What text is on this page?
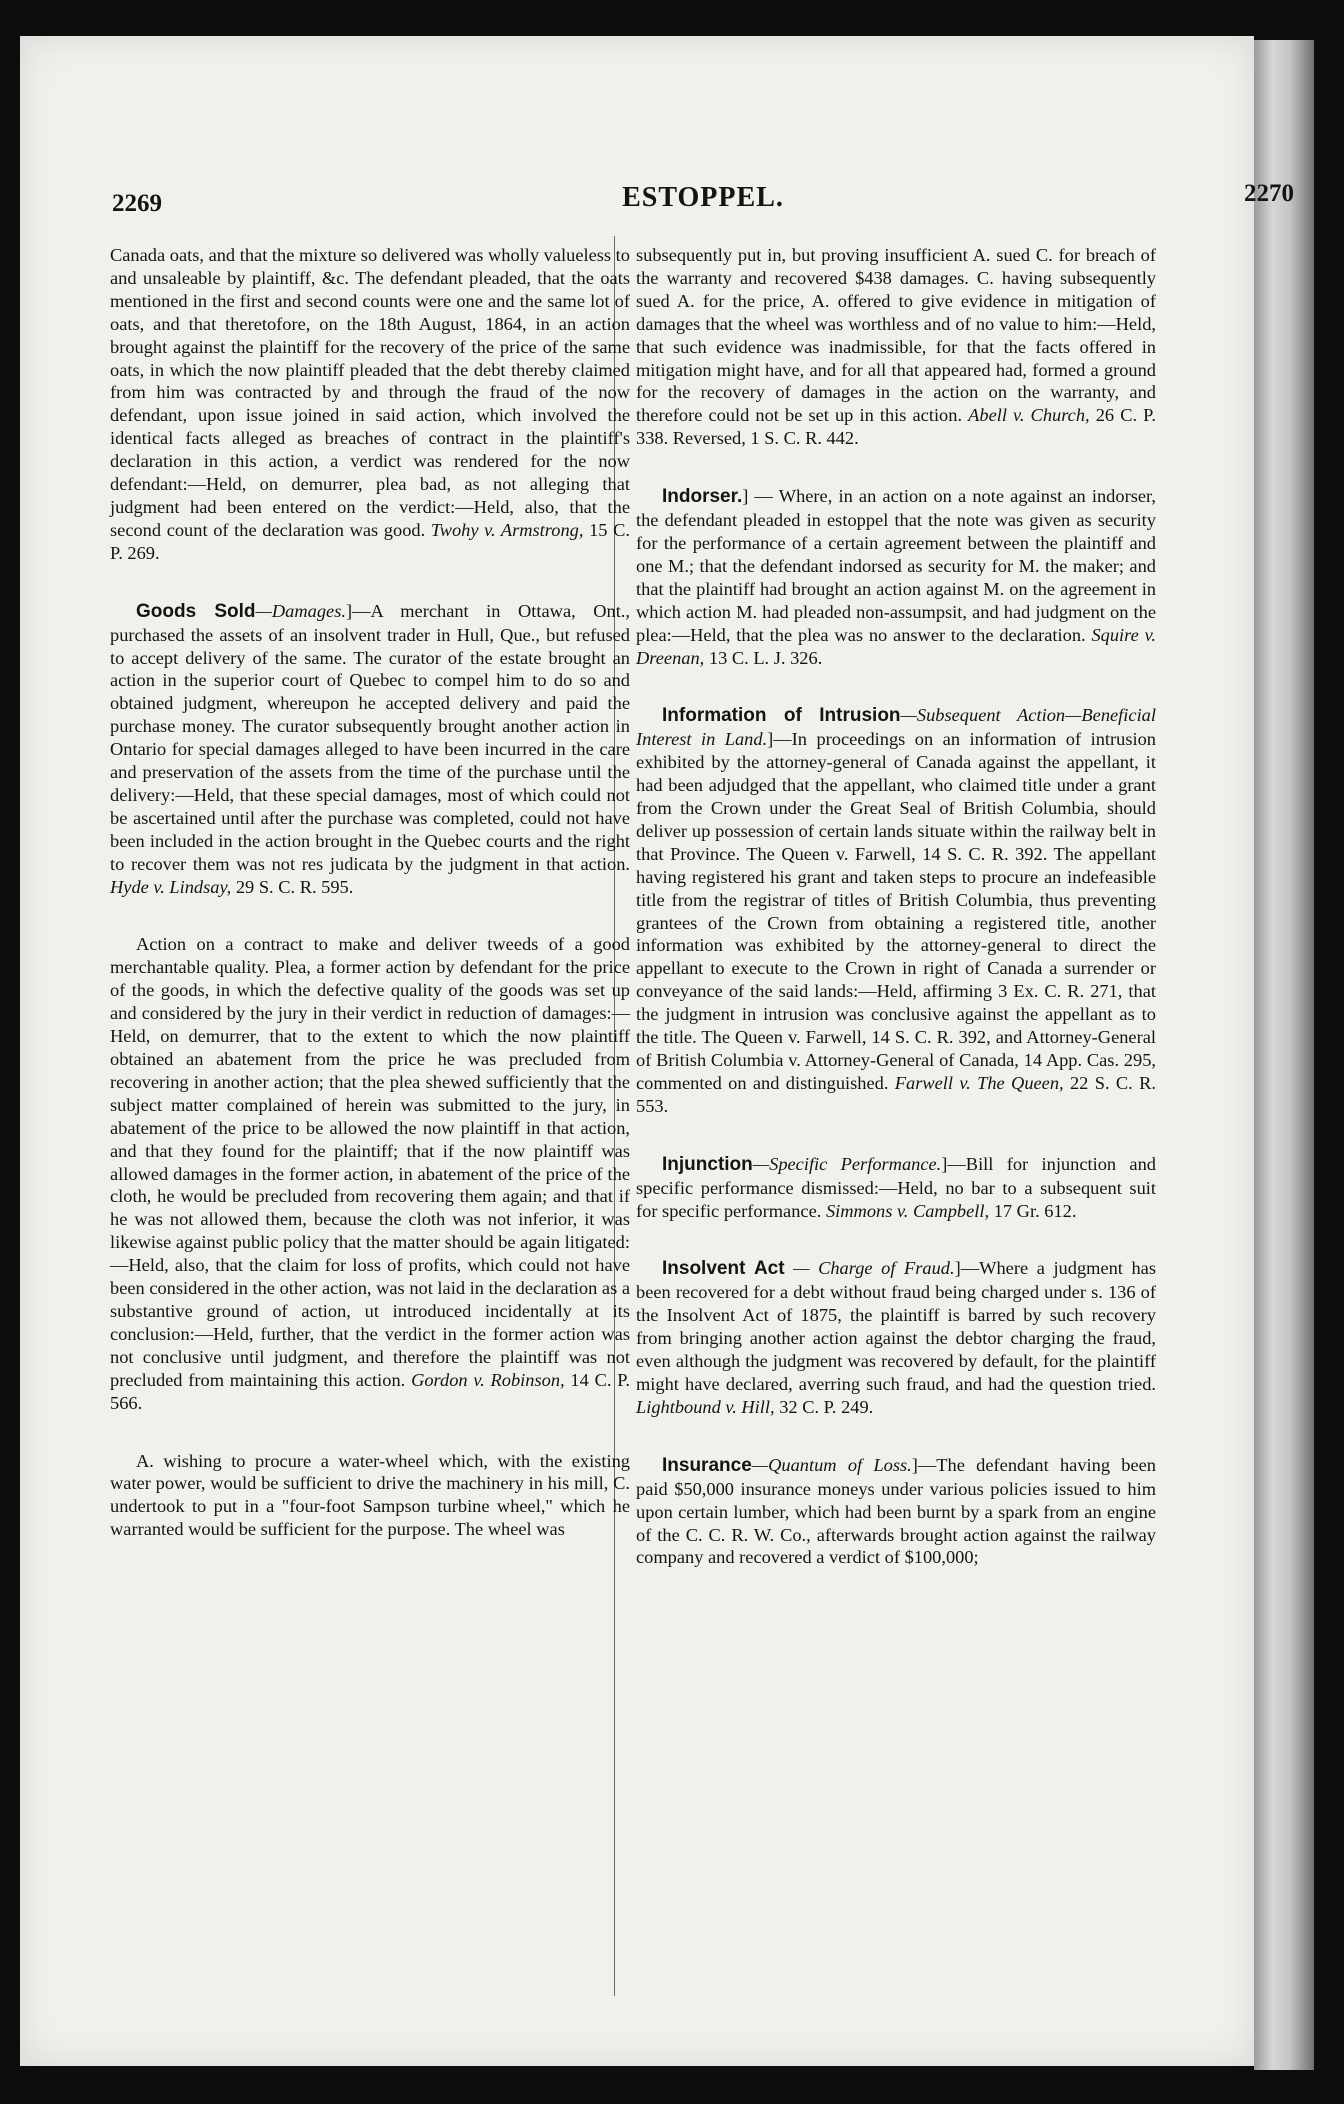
2269	ESTOPPEL.	2270

Canada oats, and that the mixture so delivered was wholly valueless to and unsaleable by plaintiff, &c. The defendant pleaded, that the oats mentioned in the first and second counts were one and the same lot of oats, and that theretofore, on the 18th August, 1864, in an action brought against the plaintiff for the recovery of the price of the same oats, in which the now plaintiff pleaded that the debt thereby claimed from him was contracted by and through the fraud of the now defendant, upon issue joined in said action, which involved the identical facts alleged as breaches of contract in the plaintiff's declaration in this action, a verdict was rendered for the now defendant:—Held, on demurrer, plea bad, as not alleging that judgment had been entered on the verdict:—Held, also, that the second count of the declaration was good. Twohy v. Armstrong, 15 C. P. 269.

Goods Sold—Damages.]—A merchant in Ottawa, Ont., purchased the assets of an insolvent trader in Hull, Que., but refused to accept delivery of the same. The curator of the estate brought an action in the superior court of Quebec to compel him to do so and obtained judgment, whereupon he accepted delivery and paid the purchase money. The curator subsequently brought another action in Ontario for special damages alleged to have been incurred in the care and preservation of the assets from the time of the purchase until the delivery:—Held, that these special damages, most of which could not be ascertained until after the purchase was completed, could not have been included in the action brought in the Quebec courts and the right to recover them was not res judicata by the judgment in that action. Hyde v. Lindsay, 29 S. C. R. 595.

Action on a contract to make and deliver tweeds of a good merchantable quality. Plea, a former action by defendant for the price of the goods, in which the defective quality of the goods was set up and considered by the jury in their verdict in reduction of damages:—Held, on demurrer, that to the extent to which the now plaintiff obtained an abatement from the price he was precluded from recovering in another action; that the plea shewed sufficiently that the subject matter complained of herein was submitted to the jury, in abatement of the price to be allowed the now plaintiff in that action, and that they found for the plaintiff; that if the now plaintiff was allowed damages in the former action, in abatement of the price of the cloth, he would be precluded from recovering them again; and that if he was not allowed them, because the cloth was not inferior, it was likewise against public policy that the matter should be again litigated:—Held, also, that the claim for loss of profits, which could not have been considered in the other action, was not laid in the declaration as a substantive ground of action, ut introduced incidentally at its conclusion:—Held, further, that the verdict in the former action was not conclusive until judgment, and therefore the plaintiff was not precluded from maintaining this action. Gordon v. Robinson, 14 C. P. 566.

A. wishing to procure a water-wheel which, with the existing water power, would be sufficient to drive the machinery in his mill, C. undertook to put in a "four-foot Sampson turbine wheel," which he warranted would be sufficient for the purpose. The wheel was

subsequently put in, but proving insufficient A. sued C. for breach of the warranty and recovered $438 damages. C. having subsequently sued A. for the price, A. offered to give evidence in mitigation of damages that the wheel was worthless and of no value to him:—Held, that such evidence was inadmissible, for that the facts offered in mitigation might have, and for all that appeared had, formed a ground for the recovery of damages in the action on the warranty, and therefore could not be set up in this action. Abell v. Church, 26 C. P. 338. Reversed, 1 S. C. R. 442.

Indorser.] — Where, in an action on a note against an indorser, the defendant pleaded in estoppel that the note was given as security for the performance of a certain agreement between the plaintiff and one M.; that the defendant indorsed as security for M. the maker; and that the plaintiff had brought an action against M. on the agreement in which action M. had pleaded non-assumpsit, and had judgment on the plea:—Held, that the plea was no answer to the declaration. Squire v. Dreenan, 13 C. L. J. 326.

Information of Intrusion—Subsequent Action—Beneficial Interest in Land.]—In proceedings on an information of intrusion exhibited by the attorney-general of Canada against the appellant, it had been adjudged that the appellant, who claimed title under a grant from the Crown under the Great Seal of British Columbia, should deliver up possession of certain lands situate within the railway belt in that Province. The Queen v. Farwell, 14 S. C. R. 392. The appellant having registered his grant and taken steps to procure an indefeasible title from the registrar of titles of British Columbia, thus preventing grantees of the Crown from obtaining a registered title, another information was exhibited by the attorney-general to direct the appellant to execute to the Crown in right of Canada a surrender or conveyance of the said lands:—Held, affirming 3 Ex. C. R. 271, that the judgment in intrusion was conclusive against the appellant as to the title. The Queen v. Farwell, 14 S. C. R. 392, and Attorney-General of British Columbia v. Attorney-General of Canada, 14 App. Cas. 295, commented on and distinguished. Farwell v. The Queen, 22 S. C. R. 553.

Injunction—Specific Performance.]—Bill for injunction and specific performance dismissed:—Held, no bar to a subsequent suit for specific performance. Simmons v. Campbell, 17 Gr. 612.

Insolvent Act — Charge of Fraud.]—Where a judgment has been recovered for a debt without fraud being charged under s. 136 of the Insolvent Act of 1875, the plaintiff is barred by such recovery from bringing another action against the debtor charging the fraud, even although the judgment was recovered by default, for the plaintiff might have declared, averring such fraud, and had the question tried. Lightbound v. Hill, 32 C. P. 249.

Insurance—Quantum of Loss.]—The defendant having been paid $50,000 insurance moneys under various policies issued to him upon certain lumber, which had been burnt by a spark from an engine of the C. C. R. W. Co., afterwards brought action against the railway company and recovered a verdict of $100,000;
